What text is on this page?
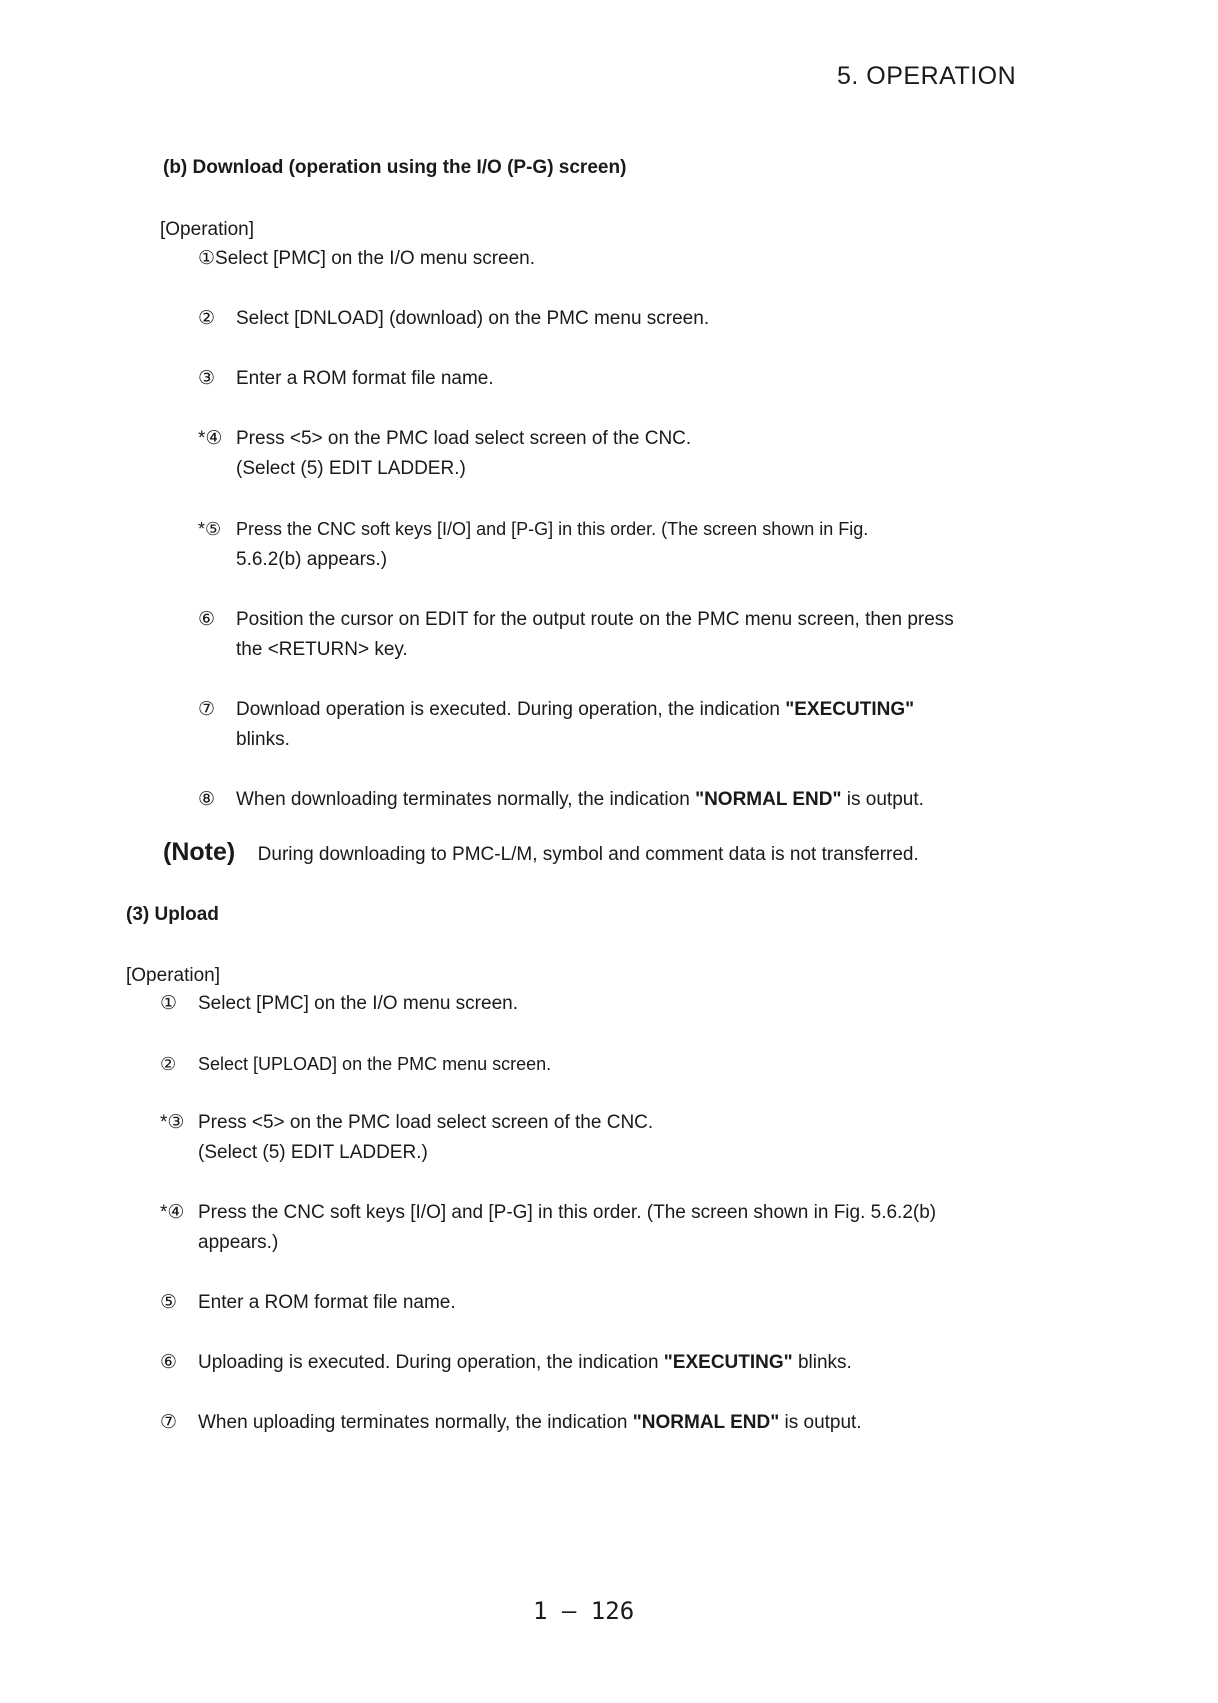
5. OPERATION
(b) Download (operation using the I/O (P-G) screen)
[Operation]
①Select [PMC] on the I/O menu screen.
② Select [DNLOAD] (download) on the PMC menu screen.
③ Enter a ROM format file name.
*④ Press <5> on the PMC load select screen of the CNC.
(Select (5) EDIT LADDER.)
*⑤ Press the CNC soft keys [I/O] and [P-G] in this order. (The screen shown in Fig.
5.6.2(b) appears.)
⑥ Position the cursor on EDIT for the output route on the PMC menu screen, then press
the <RETURN> key.
⑦ Download operation is executed. During operation, the indication "EXECUTING"
blinks.
⑧ When downloading terminates normally, the indication "NORMAL END" is output.
(Note) During downloading to PMC-L/M, symbol and comment data is not transferred.
(3) Upload
[Operation]
① Select [PMC] on the I/O menu screen.
② Select [UPLOAD] on the PMC menu screen.
*③ Press <5> on the PMC load select screen of the CNC.
(Select (5) EDIT LADDER.)
*④ Press the CNC soft keys [I/O] and [P-G] in this order. (The screen shown in Fig. 5.6.2(b)
appears.)
⑤ Enter a ROM format file name.
⑥ Uploading is executed. During operation, the indication "EXECUTING" blinks.
⑦ When uploading terminates normally, the indication "NORMAL END" is output.
1 – 126
